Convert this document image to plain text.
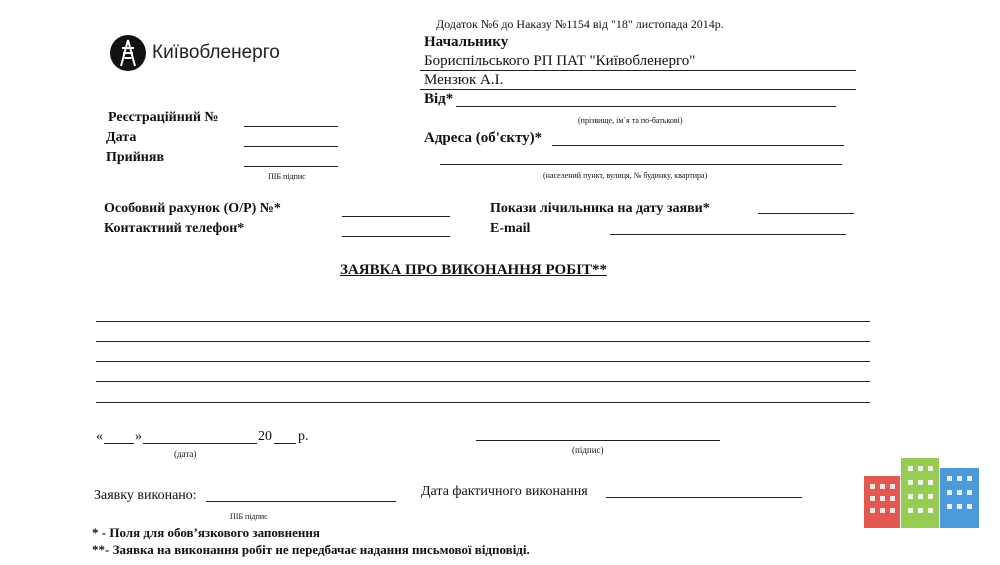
Додаток №6 до Наказу №1154 від "18" листопада 2014р.
Київобленерго	Начальнику
Бориспільського РП ПАТ "Київобленерго"
Мензюк А.І.
Від*
(прізвище, ім`я та по-батькові)
Адреса (об'єкту)*
(населений пункт, вулиця, № будинку, квартира)
Реєстраційний №
Дата
Прийняв
ПІБ підпис
Особовий рахунок (О/Р) №*
Контактний телефон*
Покази лічильника на дату заяви*
E-mail
ЗАЯВКА ПРО ВИКОНАННЯ РОБІТ**
« »	20 р.
(дата)	(підпис)
Заявку виконано:
ПІБ підпис
Дата фактичного виконання
* - Поля для обов’язкового заповнення
**- Заявка на виконання робіт не передбачає надання письмової відповіді.
